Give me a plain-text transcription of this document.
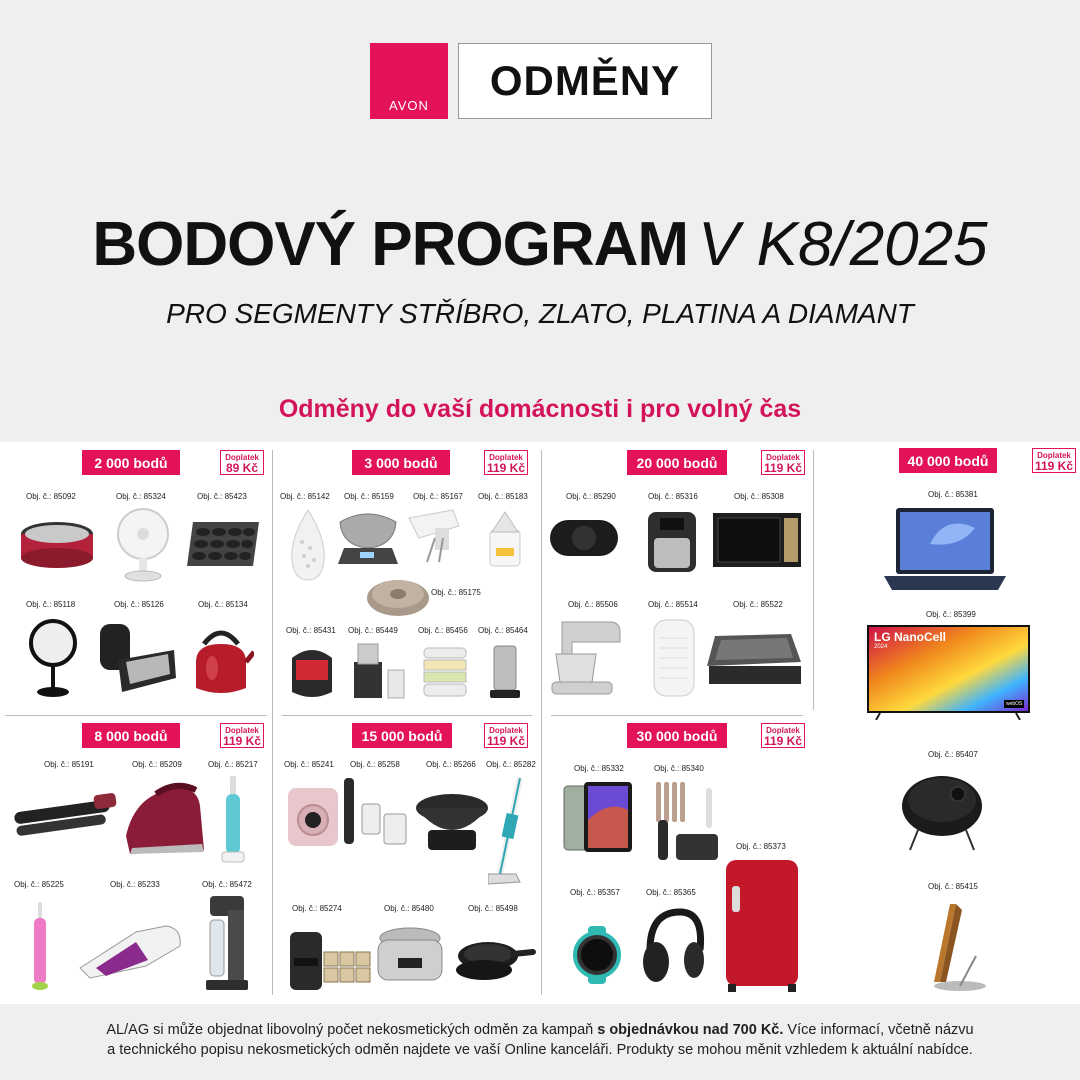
AVON
ODMĚNY
BODOVÝ PROGRAM V K8/2025
PRO SEGMENTY STŘÍBRO, ZLATO, PLATINA A DIAMANT
Odměny do vaší domácnosti i pro volný čas
2 000 bodů	Doplatek
89 Kč	3 000 bodů	Doplatek
119 Kč	20 000 bodů	Doplatek
119 Kč	40 000 bodů	Doplatek
119 Kč
8 000 bodů	Doplatek
119 Kč	15 000 bodů	Doplatek
119 Kč	30 000 bodů	Doplatek
119 Kč
Obj. č.: 85092	Obj. č.: 85324	Obj. č.: 85423
Obj. č.: 85118	Obj. č.: 85126	Obj. č.: 85134
Obj. č.: 85142 Obj. č.: 85159 Obj. č.: 85167 Obj. č.: 85183
Obj. č.: 85175
Obj. č.: 85431 Obj. č.: 85449	Obj. č.: 85456 Obj. č.: 85464
Obj. č.: 85290	Obj. č.: 85316	Obj. č.: 85308
Obj. č.: 85506	Obj. č.: 85514	Obj. č.: 85522
Obj. č.: 85381
Obj. č.: 85399
LG NanoCell
2024
webOS
Obj. č.: 85407
Obj. č.: 85415
Obj. č.: 85191	Obj. č.: 85209	Obj. č.: 85217
Obj. č.: 85225	Obj. č.: 85233	Obj. č.: 85472
Obj. č.: 85241 Obj. č.: 85258	Obj. č.: 85266 Obj. č.: 85282
Obj. č.: 85274	Obj. č.: 85480	Obj. č.: 85498
Obj. č.: 85332	Obj. č.: 85340
Obj. č.: 85373
Obj. č.: 85357	Obj. č.: 85365
AL/AG si může objednat libovolný počet nekosmetických odměn za kampaň s objednávkou nad 700 Kč. Více informací, včetně názvu
a technického popisu nekosmetických odměn najdete ve vaší Online kanceláři. Produkty se mohou měnit vzhledem k aktuální nabídce.
